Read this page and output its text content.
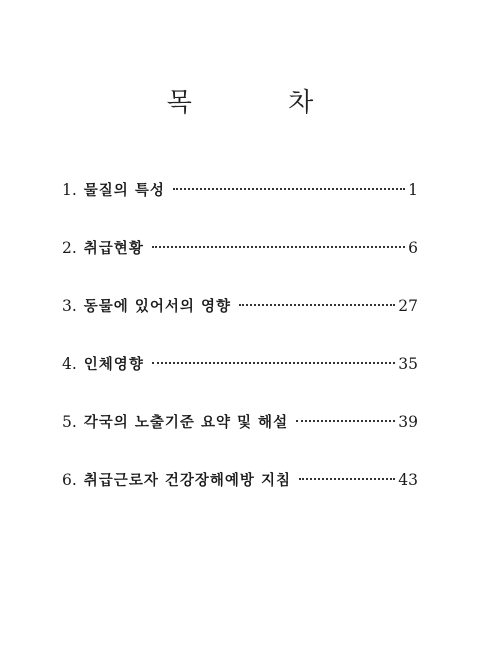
목 차
1. 물질의 특성	1
2. 취급현황	6
3. 동물에 있어서의 영향	27
4. 인체영향	35
5. 각국의 노출기준 요약 및 해설	39
6. 취급근로자 건강장해예방 지침	43
